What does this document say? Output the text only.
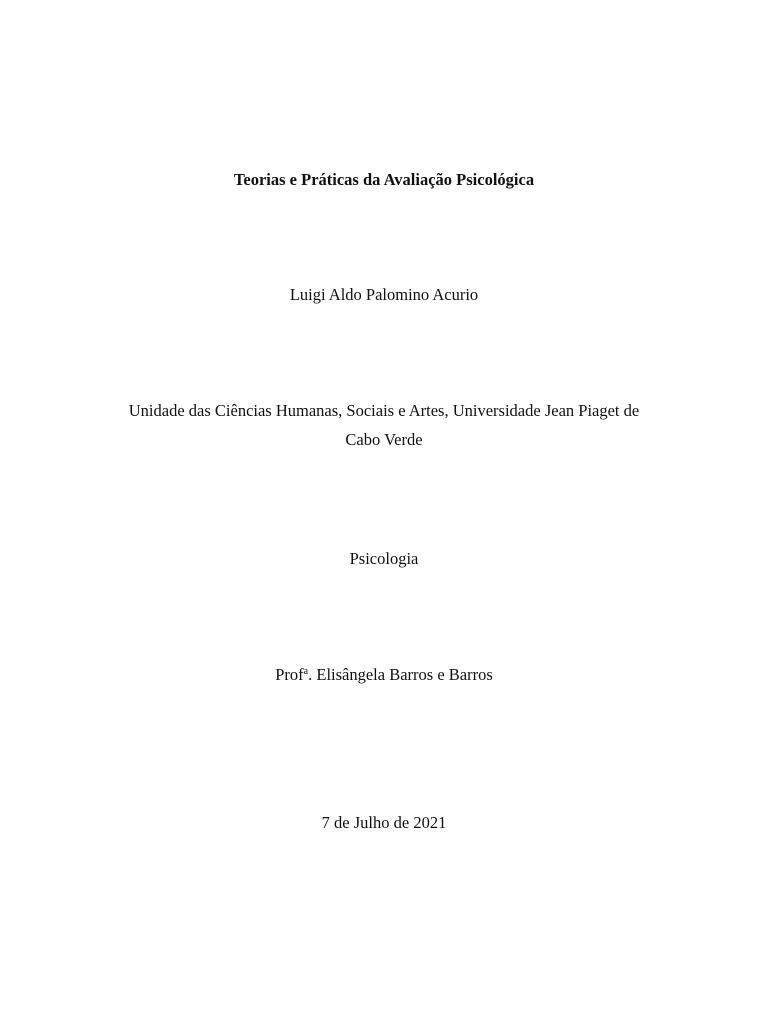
Teorias e Práticas da Avaliação Psicológica
Luigi Aldo Palomino Acurio
Unidade das Ciências Humanas, Sociais e Artes, Universidade Jean Piaget de
Cabo Verde
Psicologia
Prof$^a$. Elisângela Barros e Barros
7 de Julho de 2021
